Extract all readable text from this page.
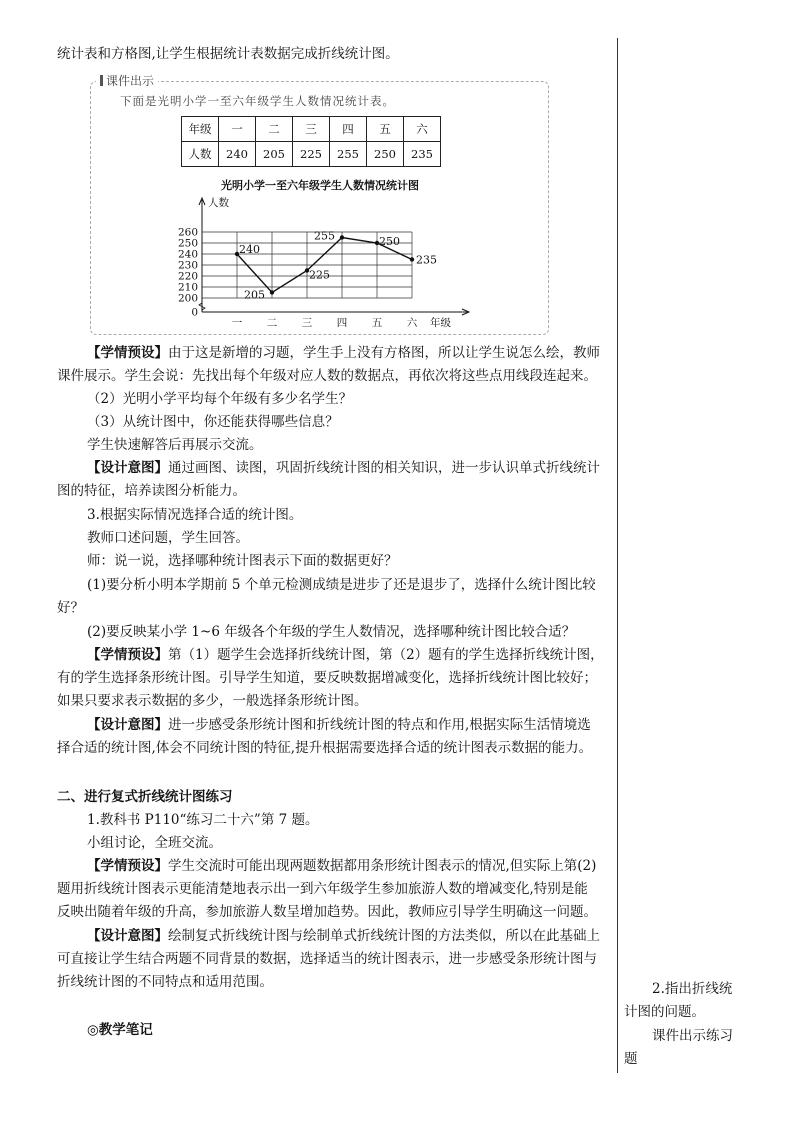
统计表和方格图,让学生根据统计表数据完成折线统计图。
课件出示
下面是光明小学一至六年级学生人数情况统计表。
年级	一	二	三	四	五	六
人数	240	205	225	255	250	235
光明小学一至六年级学生人数情况统计图
0
200
210
220
230
240
250
260
人数
年级
一 二 三 四 五 六
240
205
225
255	250
235
【学情预设】由于这是新增的习题，学生手上没有方格图，所以让学生说怎么绘，教师
课件展示。学生会说：先找出每个年级对应人数的数据点，再依次将这些点用线段连起来。
（2）光明小学平均每个年级有多少名学生？
（3）从统计图中，你还能获得哪些信息？
学生快速解答后再展示交流。
【设计意图】通过画图、读图，巩固折线统计图的相关知识，进一步认识单式折线统计
图的特征，培养读图分析能力。
3.根据实际情况选择合适的统计图。
教师口述问题，学生回答。
师：说一说，选择哪种统计图表示下面的数据更好？
(1)要分析小明本学期前 5 个单元检测成绩是进步了还是退步了，选择什么统计图比较
好？
(2)要反映某小学 1~6 年级各个年级的学生人数情况，选择哪种统计图比较合适？
【学情预设】第（1）题学生会选择折线统计图，第（2）题有的学生选择折线统计图，
有的学生选择条形统计图。引导学生知道，要反映数据增减变化，选择折线统计图比较好；
如果只要求表示数据的多少，一般选择条形统计图。
【设计意图】进一步感受条形统计图和折线统计图的特点和作用,根据实际生活情境选
择合适的统计图,体会不同统计图的特征,提升根据需要选择合适的统计图表示数据的能力。
二、进行复式折线统计图练习
1.教科书 P110“练习二十六”第 7 题。
小组讨论，全班交流。
【学情预设】学生交流时可能出现两题数据都用条形统计图表示的情况,但实际上第(2)
题用折线统计图表示更能清楚地表示出一到六年级学生参加旅游人数的增减变化,特别是能
反映出随着年级的升高，参加旅游人数呈增加趋势。因此，教师应引导学生明确这一问题。
【设计意图】绘制复式折线统计图与绘制单式折线统计图的方法类似，所以在此基础上
可直接让学生结合两题不同背景的数据，选择适当的统计图表示，进一步感受条形统计图与
折线统计图的不同特点和适用范围。
◎教学笔记
2.指出折线统
计图的问题。
课件出示练习
题
